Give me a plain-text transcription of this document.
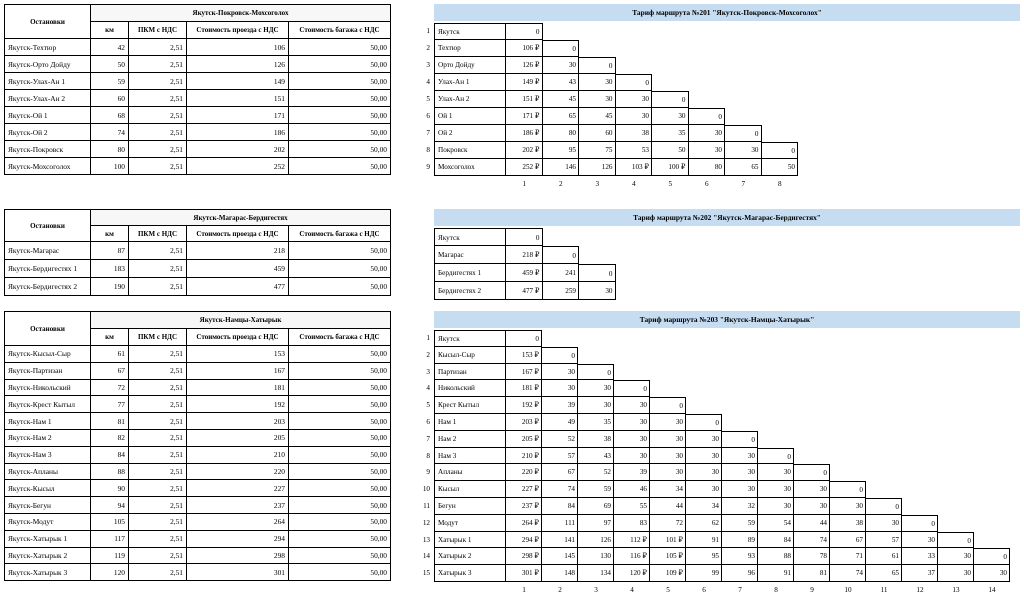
Остановки	Якутск-Покровск-Мохсоголох			
	км	ПКМ с НДС	Стоимость проезда с НДС	Стоимость багажа с НДС
Якутск-Техтюр	42	2,51	106	50,00
Якутск-Орто Дойду	50	2,51	126	50,00
Якутск-Улах-Ан 1	59	2,51	149	50,00
Якутск-Улах-Ан 2	60	2,51	151	50,00
Якутск-Ой 1	68	2,51	171	50,00
Якутск-Ой 2	74	2,51	186	50,00
Якутск-Покровск	80	2,51	202	50,00
Якутск-Мохсоголох	100	2,51	252	50,00
Остановки	Якутск-Магарас-Бердигестях			
	км	ПКМ с НДС	Стоимость проезда с НДС	Стоимость багажа с НДС
Якутск-Магарас	87	2,51	218	50,00
Якутск-Бердигестях 1	183	2,51	459	50,00
Якутск-Бердигестях 2	190	2,51	477	50,00
Остановки	Якутск-Намцы-Хатырык			
	км	ПКМ с НДС	Стоимость проезда с НДС	Стоимость багажа с НДС
Якутск-Кысыл-Сыр	61	2,51	153	50,00
Якутск-Партизан	67	2,51	167	50,00
Якутск-Никольский	72	2,51	181	50,00
Якутск-Крест Кытыл	77	2,51	192	50,00
Якутск-Нам 1	81	2,51	203	50,00
Якутск-Нам 2	82	2,51	205	50,00
Якутск-Нам 3	84	2,51	210	50,00
Якутск-Апланы	88	2,51	220	50,00
Якутск-Кысыл	90	2,51	227	50,00
Якутск-Бегун	94	2,51	237	50,00
Якутск-Модут	105	2,51	264	50,00
Якутск-Хатырык 1	117	2,51	294	50,00
Якутск-Хатырык 2	119	2,51	298	50,00
Якутск-Хатырык 3	120	2,51	301	50,00
Тариф маршрута №201 "Якутск-Покровск-Мохсоголох"
1	Якутск	0
2	Техтюр	106 ₽	0
3	Орто Дойду	126 ₽	30	0
4	Улах-Ан 1	149 ₽	43	30	0
5	Улах-Ан 2	151 ₽	45	30	30	0
6	Ой 1	171 ₽	65	45	30	30	0
7	Ой 2	186 ₽	80	60	38	35	30	0
8	Покровск	202 ₽	95	75	53	50	30	30	0
9	Мохсоголох	252 ₽	146	126	103 ₽	100 ₽	80	65	50
1	2	3	4	5	6	7	8
Тариф маршрута №202 "Якутск-Магарас-Бердигестях"
Якутск	0
Магарас	218 ₽	0
Бердигестях 1	459 ₽	241	0
Бердигестях 2	477 ₽	259	30
Тариф маршрута №203 "Якутск-Намцы-Хатырык"
1	Якутск	0
2	Кысыл-Сыр	153 ₽	0
3	Партизан	167 ₽	30	0
4	Никольский	181 ₽	30	30	0
5	Крест Кытыл	192 ₽	39	30	30	0
6	Нам 1	203 ₽	49	35	30	30	0
7	Нам 2	205 ₽	52	38	30	30	30	0
8	Нам 3	210 ₽	57	43	30	30	30	30	0
9	Апланы	220 ₽	67	52	39	30	30	30	30	0
10	Кысыл	227 ₽	74	59	46	34	30	30	30	30	0
11	Бегун	237 ₽	84	69	55	44	34	32	30	30	30	0
12	Модут	264 ₽	111	97	83	72	62	59	54	44	38	30	0
13	Хатырык 1	294 ₽	141	126	112 ₽	101 ₽	91	89	84	74	67	57	30	0
14	Хатырык 2	298 ₽	145	130	116 ₽	105 ₽	95	93	88	78	71	61	33	30	0
15	Хатырык 3	301 ₽	148	134	120 ₽	109 ₽	99	96	91	81	74	65	37	30	30
1	2	3	4	5	6	7	8	9	10	11	12	13	14
